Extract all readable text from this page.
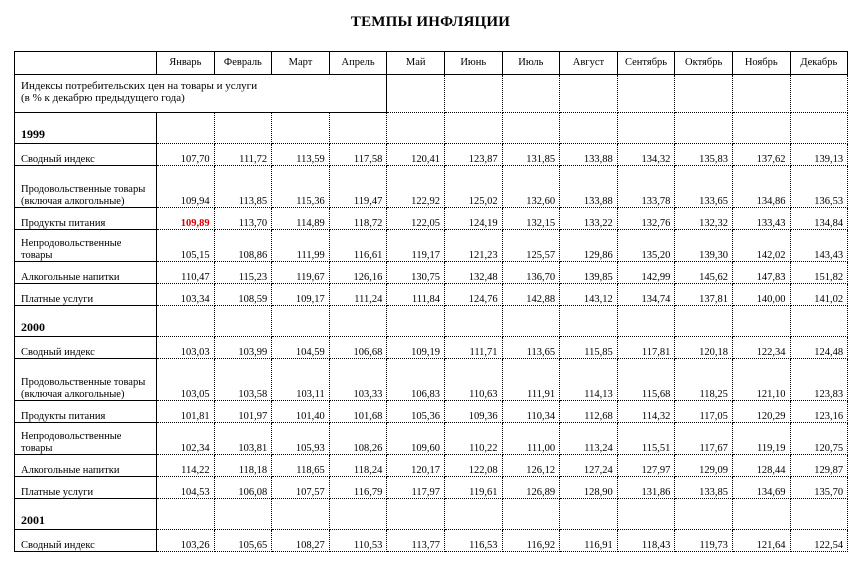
ТЕМПЫ ИНФЛЯЦИИ
	Январь	Февраль	Март	Апрель	Май	Июнь	Июль	Август	Сентябрь	Октябрь	Ноябрь	Декабрь

Индексы потребительских цен на товары и услуги
(в % к декабрю предыдущего года)												

1999												
Сводный индекс	107,70	111,72	113,59	117,58	120,41	123,87	131,85	133,88	134,32	135,83	137,62	139,13
Продовольственные товары (включая алкогольные)	109,94	113,85	115,36	119,47	122,92	125,02	132,60	133,88	133,78	133,65	134,86	136,53
Продукты питания	109,89	113,70	114,89	118,72	122,05	124,19	132,15	133,22	132,76	132,32	133,43	134,84
Непродовольственные товары	105,15	108,86	111,99	116,61	119,17	121,23	125,57	129,86	135,20	139,30	142,02	143,43
Алкогольные напитки	110,47	115,23	119,67	126,16	130,75	132,48	136,70	139,85	142,99	145,62	147,83	151,82
Платные услуги	103,34	108,59	109,17	111,24	111,84	124,76	142,88	143,12	134,74	137,81	140,00	141,02
2000												
Сводный индекс	103,03	103,99	104,59	106,68	109,19	111,71	113,65	115,85	117,81	120,18	122,34	124,48
Продовольственные товары (включая алкогольные)	103,05	103,58	103,11	103,33	106,83	110,63	111,91	114,13	115,68	118,25	121,10	123,83
Продукты питания	101,81	101,97	101,40	101,68	105,36	109,36	110,34	112,68	114,32	117,05	120,29	123,16
Непродовольственные товары	102,34	103,81	105,93	108,26	109,60	110,22	111,00	113,24	115,51	117,67	119,19	120,75
Алкогольные напитки	114,22	118,18	118,65	118,24	120,17	122,08	126,12	127,24	127,97	129,09	128,44	129,87
Платные услуги	104,53	106,08	107,57	116,79	117,97	119,61	126,89	128,90	131,86	133,85	134,69	135,70
2001												
Сводный индекс	103,26	105,65	108,27	110,53	113,77	116,53	116,92	116,91	118,43	119,73	121,64	122,54
